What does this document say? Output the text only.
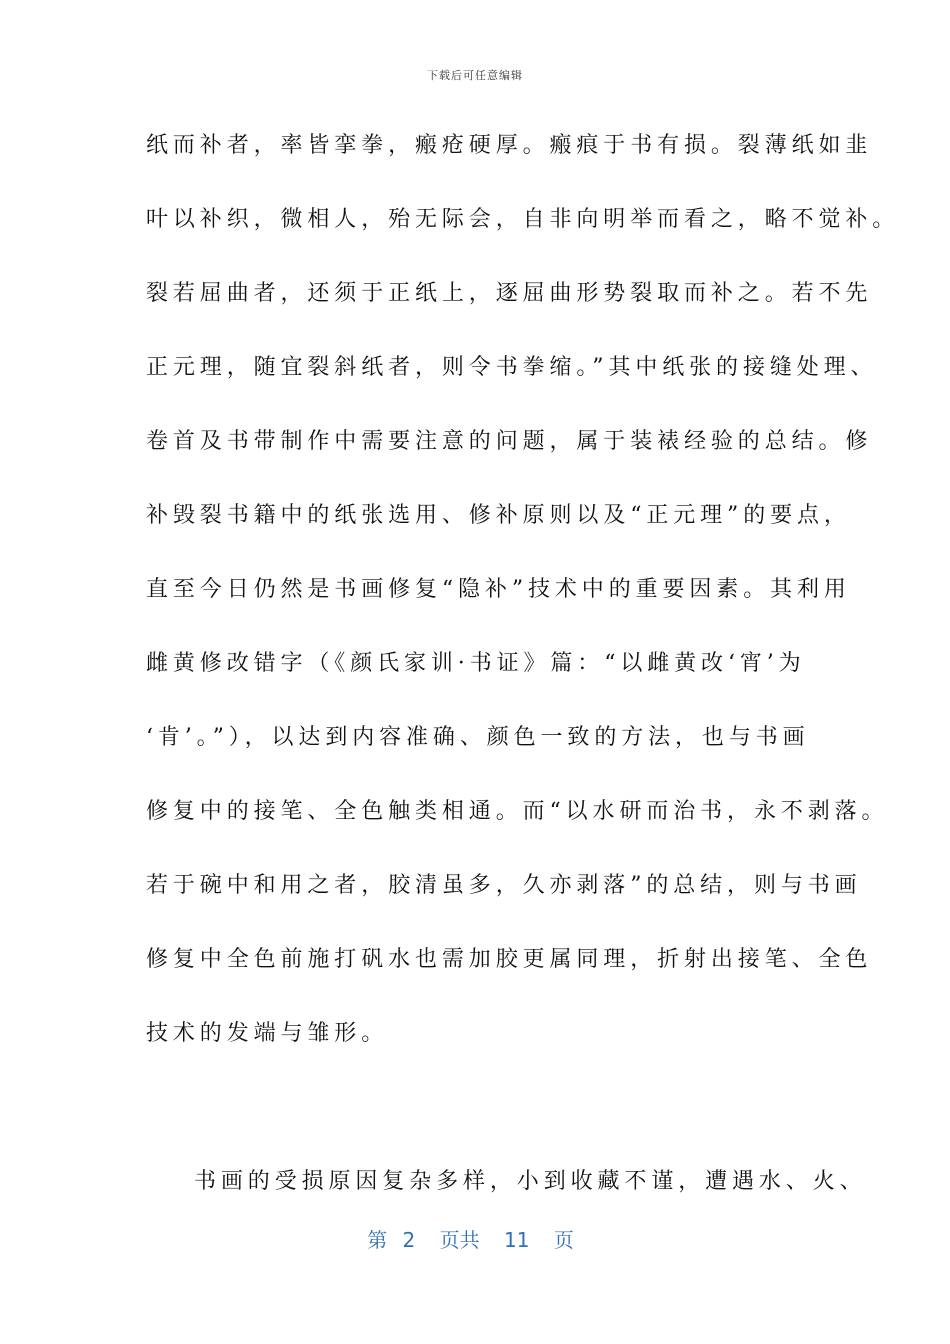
下载后可任意编辑
纸而补者，率皆挛拳，瘢疮硬厚。瘢痕于书有损。裂薄纸如韭
叶以补织，微相人，殆无际会，自非向明举而看之，略不觉补。
裂若屈曲者，还须于正纸上，逐屈曲形势裂取而补之。若不先
正元理，随宜裂斜纸者，则令书拳缩。”其中纸张的接缝处理、
卷首及书带制作中需要注意的问题，属于装裱经验的总结。修
补毁裂书籍中的纸张选用、修补原则以及“正元理”的要点，
直至今日仍然是书画修复“隐补”技术中的重要因素。其利用
雌黄修改错字（《颜氏家训·书证》篇：“以雌黄改‘宵’为
‘肯’。”），以达到内容准确、颜色一致的方法，也与书画
修复中的接笔、全色触类相通。而“以水研而治书，永不剥落。
若于碗中和用之者，胶清虽多，久亦剥落”的总结，则与书画
修复中全色前施打矾水也需加胶更属同理，折射出接笔、全色
技术的发端与雏形。
书画的受损原因复杂多样，小到收藏不谨，遭遇水、火、
第 2 页共 11 页
